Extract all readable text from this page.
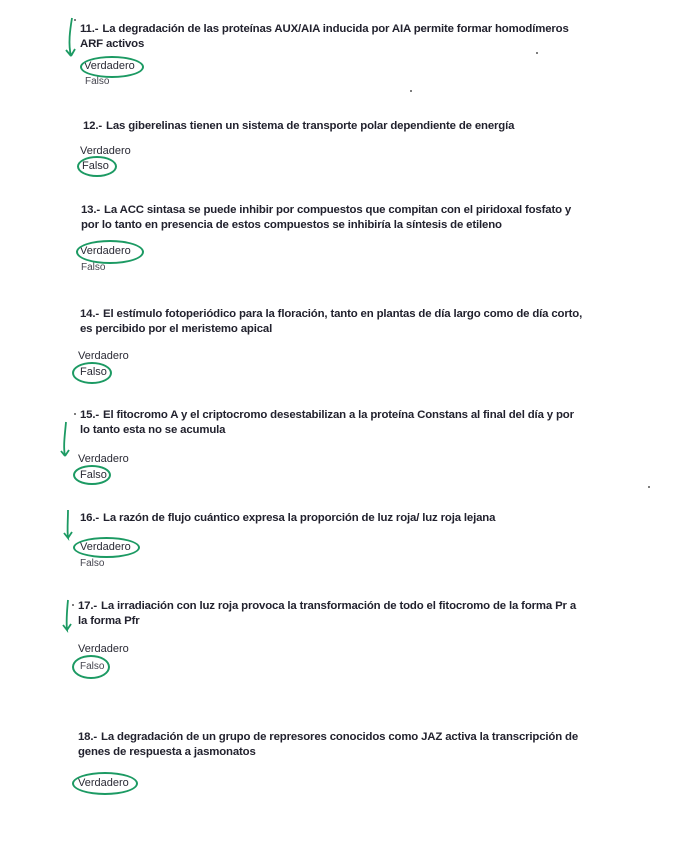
11.- La degradación de las proteínas AUX/AIA inducida por AIA permite formar homodímeros ARF activos
Verdadero
Falso
12.- Las giberelinas tienen un sistema de transporte polar dependiente de energía
Verdadero
Falso
13.- La ACC sintasa se puede inhibir por compuestos que compitan con el piridoxal fosfato y por lo tanto en presencia de estos compuestos se inhibiría la síntesis de etileno
Verdadero
Falso
14.- El estímulo fotoperiódico para la floración, tanto en plantas de día largo como de día corto, es percibido por el meristemo apical
Verdadero
Falso
15.- El fitocromo A y el criptocromo desestabilizan a la proteína Constans al final del día y por lo tanto esta no se acumula
Verdadero
Falso
16.- La razón de flujo cuántico expresa la proporción de luz roja/ luz roja lejana
Verdadero
Falso
17.- La irradiación con luz roja provoca la transformación de todo el fitocromo de la forma Pr a la forma Pfr
Verdadero
Falso
18.- La degradación de un grupo de represores conocidos como JAZ activa la transcripción de genes de respuesta a jasmonatos
Verdadero
